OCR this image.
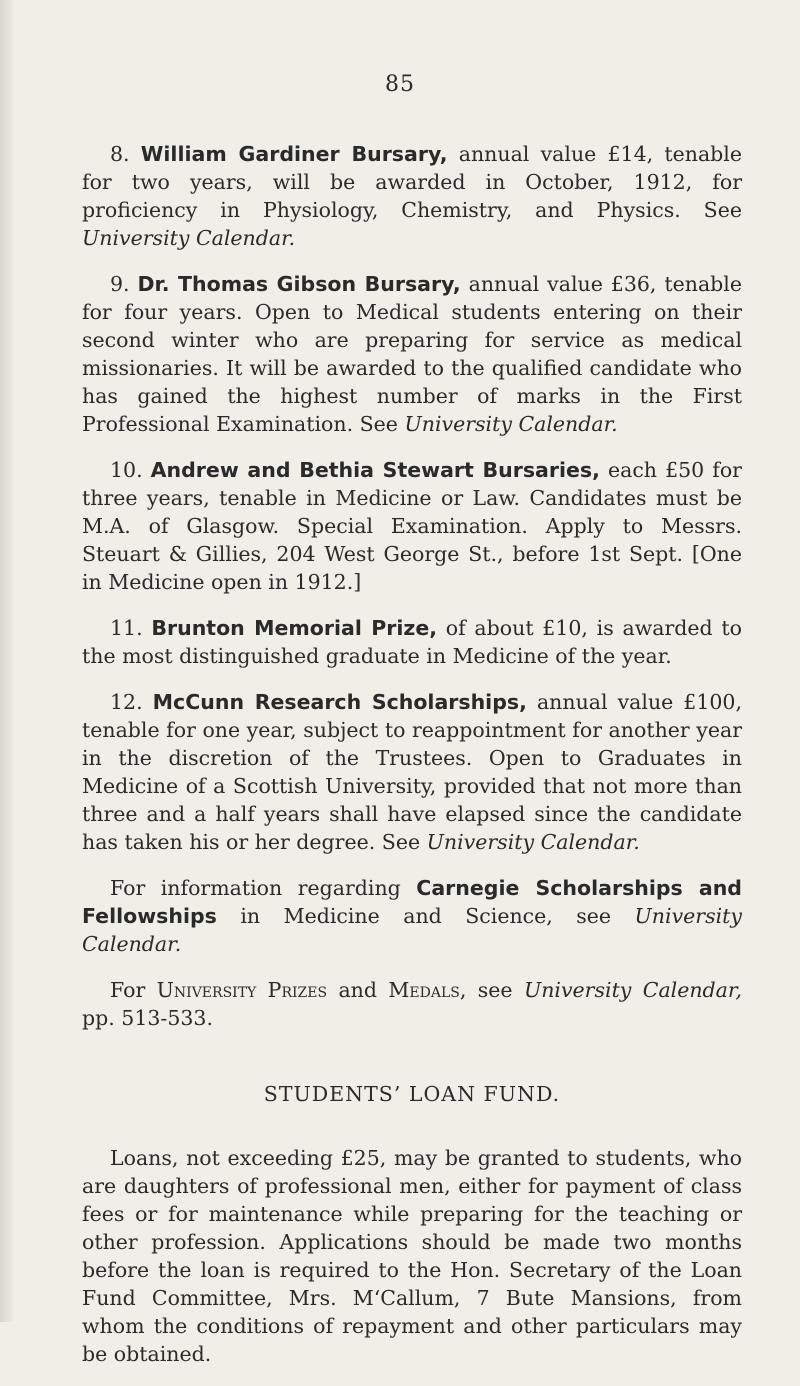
85

8. William Gardiner Bursary, annual value £14, tenable for two years, will be awarded in October, 1912, for proficiency in Physiology, Chemistry, and Physics. See University Calendar.

9. Dr. Thomas Gibson Bursary, annual value £36, tenable for four years. Open to Medical students entering on their second winter who are preparing for service as medical missionaries. It will be awarded to the qualified candidate who has gained the highest number of marks in the First Professional Examination. See University Calendar.

10. Andrew and Bethia Stewart Bursaries, each £50 for three years, tenable in Medicine or Law. Candidates must be M.A. of Glasgow. Special Examination. Apply to Messrs. Steuart & Gillies, 204 West George St., before 1st Sept. [One in Medicine open in 1912.]

11. Brunton Memorial Prize, of about £10, is awarded to the most distinguished graduate in Medicine of the year.

12. McCunn Research Scholarships, annual value £100, tenable for one year, subject to reappointment for another year in the discretion of the Trustees. Open to Graduates in Medicine of a Scottish University, provided that not more than three and a half years shall have elapsed since the candidate has taken his or her degree. See University Calendar.

For information regarding Carnegie Scholarships and Fellowships in Medicine and Science, see University Calendar.

For University Prizes and Medals, see University Calendar, pp. 513-533.

STUDENTS’ LOAN FUND.

Loans, not exceeding £25, may be granted to students, who are daughters of professional men, either for payment of class fees or for maintenance while preparing for the teaching or other profession. Applications should be made two months before the loan is required to the Hon. Secretary of the Loan Fund Committee, Mrs. M‘Callum, 7 Bute Mansions, from whom the conditions of repayment and other particulars may be obtained.
